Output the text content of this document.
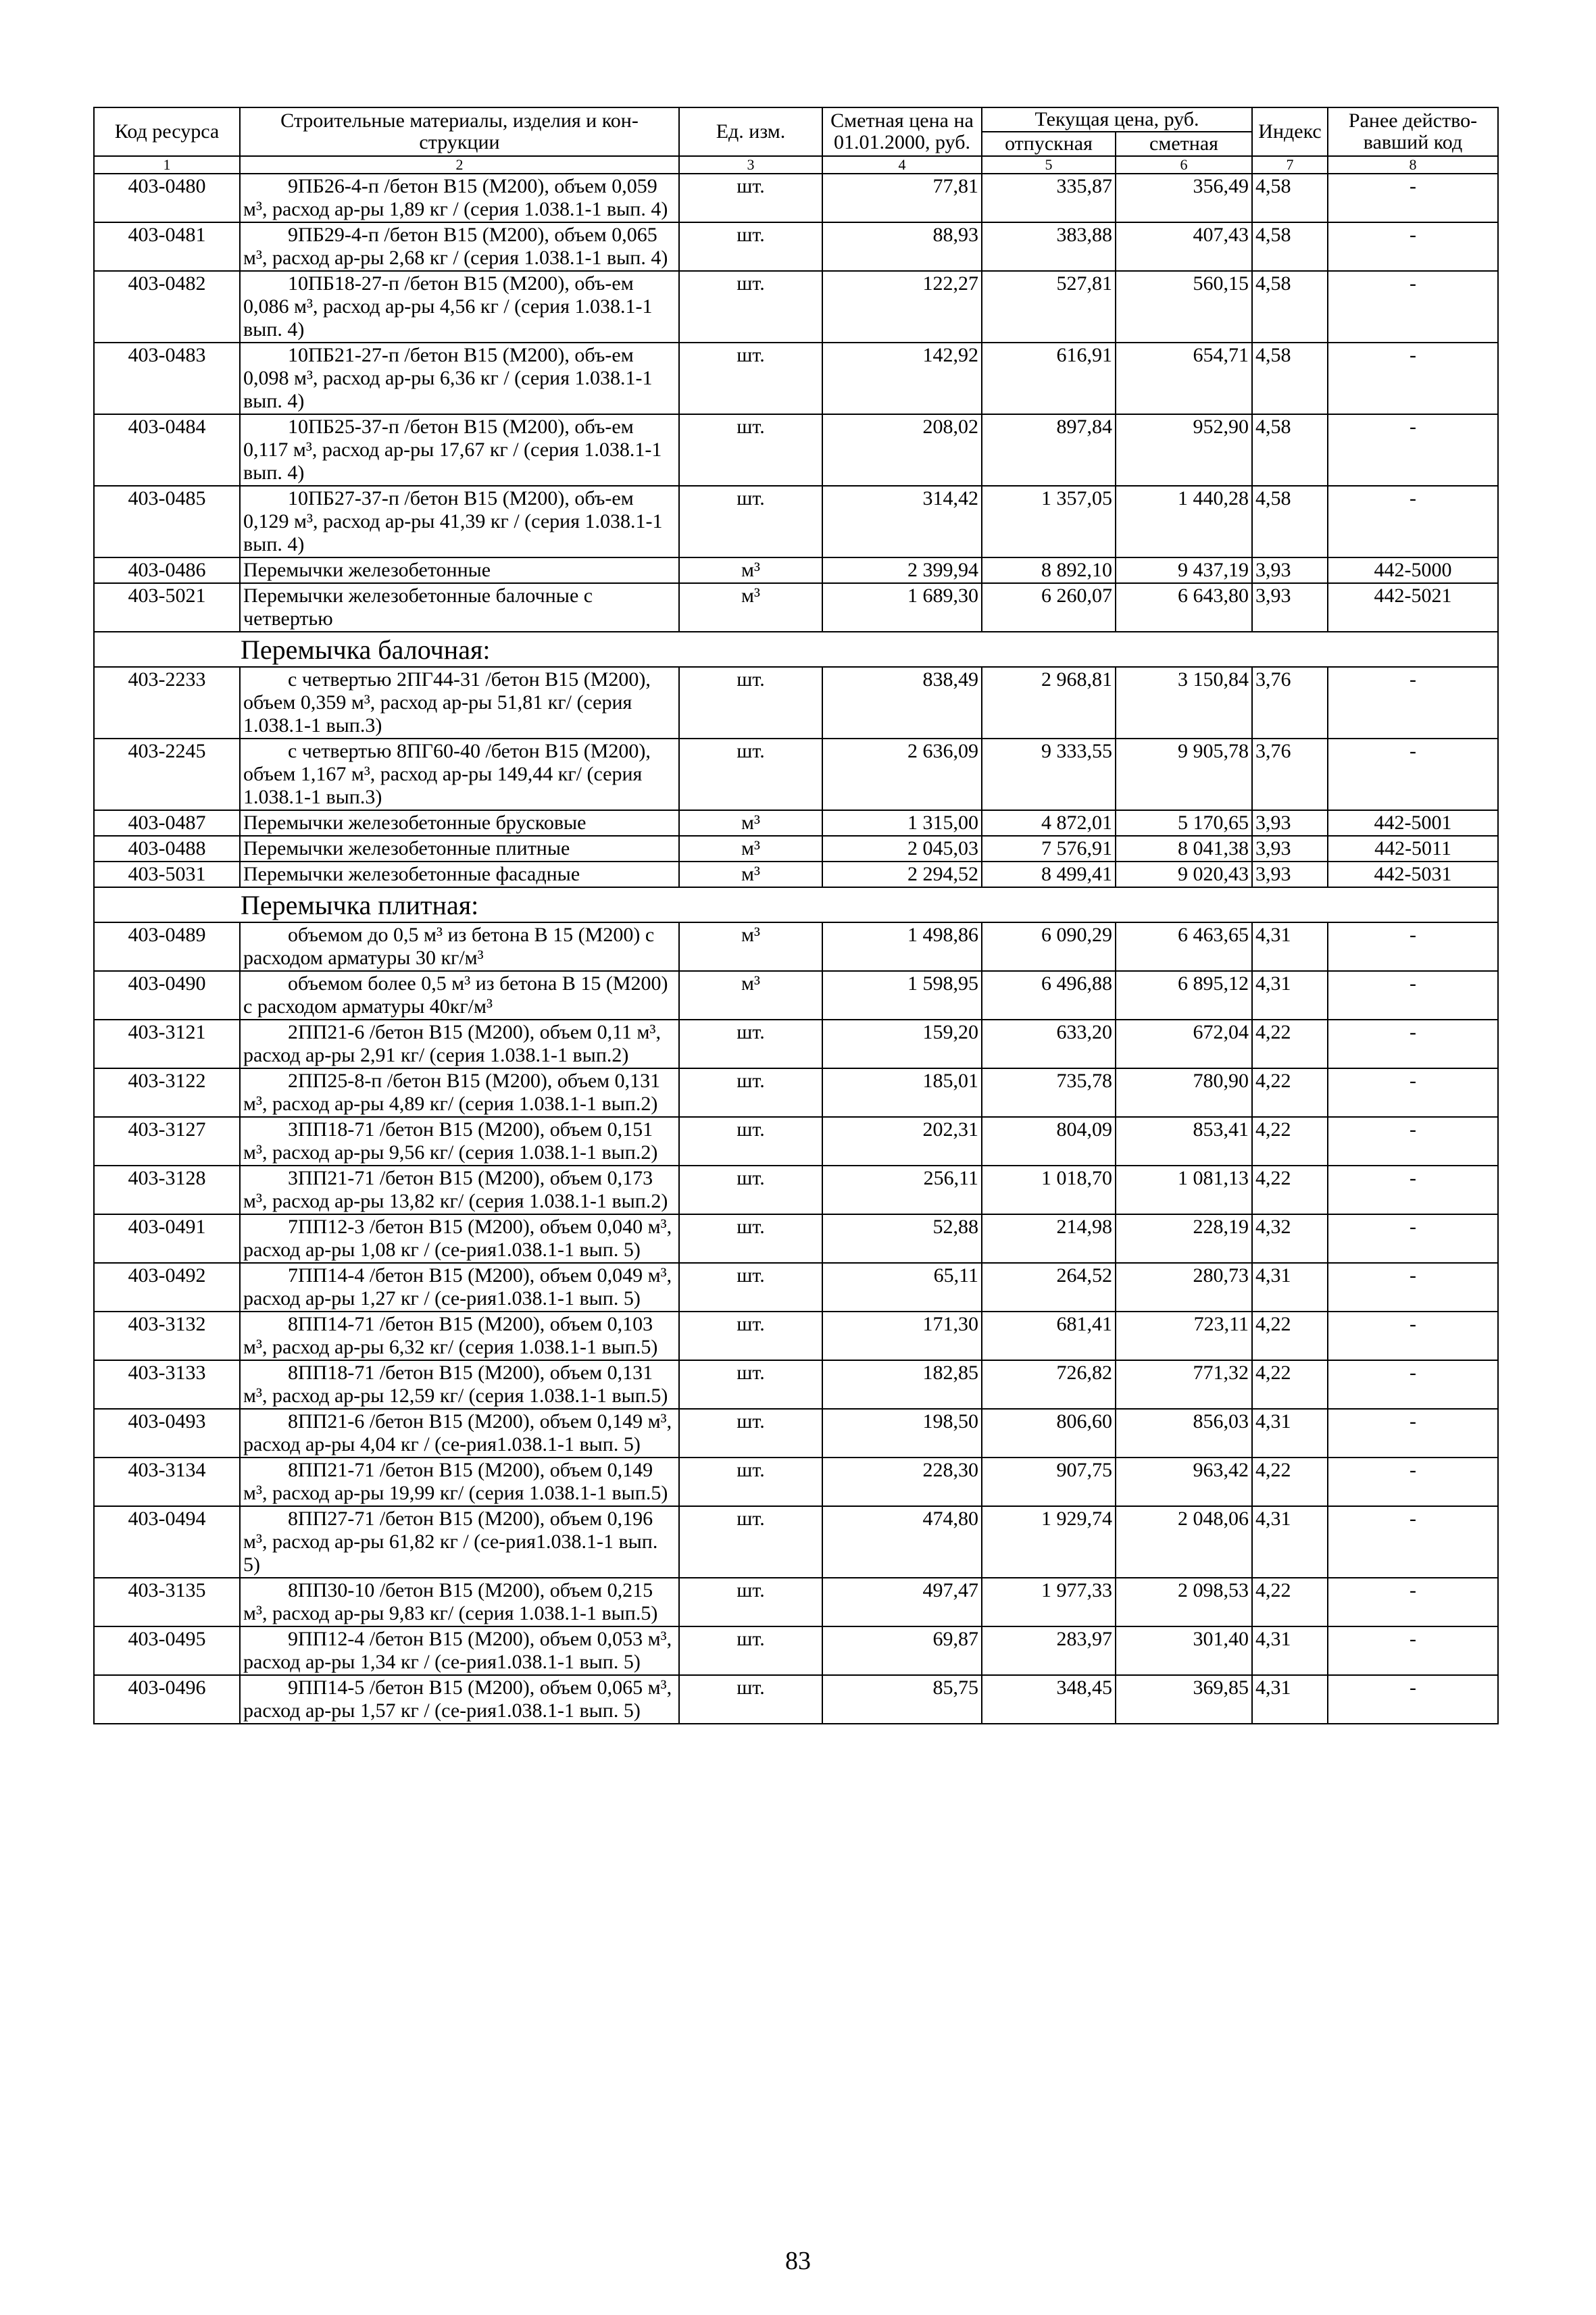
Код ресурса	Строительные материалы, изделия и кон-струкции	Ед. изм.	Сметная цена на 01.01.2000, руб.	Текущая цена, руб.		Индекс	Ранее действо-вавший код
				отпускная	сметная		
1	2	3	4	5	6	7	8
403-0480	9ПБ26-4-п /бетон В15 (М200), объем 0,059 м³, расход ар-ры 1,89 кг / (серия 1.038.1-1 вып. 4)	шт.	77,81	335,87	356,49	4,58	-
403-0481	9ПБ29-4-п /бетон В15 (М200), объем 0,065 м³, расход ар-ры 2,68 кг / (серия 1.038.1-1 вып. 4)	шт.	88,93	383,88	407,43	4,58	-
403-0482	10ПБ18-27-п /бетон В15 (М200), объ-ем 0,086 м³, расход ар-ры 4,56 кг / (серия 1.038.1-1 вып. 4)	шт.	122,27	527,81	560,15	4,58	-
403-0483	10ПБ21-27-п /бетон В15 (М200), объ-ем 0,098 м³, расход ар-ры 6,36 кг / (серия 1.038.1-1 вып. 4)	шт.	142,92	616,91	654,71	4,58	-
403-0484	10ПБ25-37-п /бетон В15 (М200), объ-ем 0,117 м³, расход ар-ры 17,67 кг / (серия 1.038.1-1 вып. 4)	шт.	208,02	897,84	952,90	4,58	-
403-0485	10ПБ27-37-п /бетон В15 (М200), объ-ем 0,129 м³, расход ар-ры 41,39 кг / (серия 1.038.1-1 вып. 4)	шт.	314,42	1 357,05	1 440,28	4,58	-
403-0486	Перемычки железобетонные	м³	2 399,94	8 892,10	9 437,19	3,93	442-5000
403-5021	Перемычки железобетонные балочные с четвертью	м³	1 689,30	6 260,07	6 643,80	3,93	442-5021
Перемычка балочная:							
403-2233	с четвертью 2ПГ44-31 /бетон В15 (М200), объем 0,359 м³, расход ар-ры 51,81 кг/ (серия 1.038.1-1 вып.3)	шт.	838,49	2 968,81	3 150,84	3,76	-
403-2245	с четвертью 8ПГ60-40 /бетон В15 (М200), объем 1,167 м³, расход ар-ры 149,44 кг/ (серия 1.038.1-1 вып.3)	шт.	2 636,09	9 333,55	9 905,78	3,76	-
403-0487	Перемычки железобетонные брусковые	м³	1 315,00	4 872,01	5 170,65	3,93	442-5001
403-0488	Перемычки железобетонные плитные	м³	2 045,03	7 576,91	8 041,38	3,93	442-5011
403-5031	Перемычки железобетонные фасадные	м³	2 294,52	8 499,41	9 020,43	3,93	442-5031
Перемычка плитная:							
403-0489	объемом до 0,5 м³ из бетона В 15 (М200) с расходом арматуры 30 кг/м³	м³	1 498,86	6 090,29	6 463,65	4,31	-
403-0490	объемом более 0,5 м³ из бетона В 15 (М200) с расходом арматуры 40кг/м³	м³	1 598,95	6 496,88	6 895,12	4,31	-
403-3121	2ПП21-6 /бетон В15 (М200), объем 0,11 м³, расход ар-ры 2,91 кг/ (серия 1.038.1-1 вып.2)	шт.	159,20	633,20	672,04	4,22	-
403-3122	2ПП25-8-п /бетон В15 (М200), объем 0,131 м³, расход ар-ры 4,89 кг/ (серия 1.038.1-1 вып.2)	шт.	185,01	735,78	780,90	4,22	-
403-3127	3ПП18-71 /бетон В15 (М200), объем 0,151 м³, расход ар-ры 9,56 кг/ (серия 1.038.1-1 вып.2)	шт.	202,31	804,09	853,41	4,22	-
403-3128	3ПП21-71 /бетон В15 (М200), объем 0,173 м³, расход ар-ры 13,82 кг/ (серия 1.038.1-1 вып.2)	шт.	256,11	1 018,70	1 081,13	4,22	-
403-0491	7ПП12-3 /бетон В15 (М200), объем 0,040 м³, расход ар-ры 1,08 кг / (се-рия1.038.1-1 вып. 5)	шт.	52,88	214,98	228,19	4,32	-
403-0492	7ПП14-4 /бетон В15 (М200), объем 0,049 м³, расход ар-ры 1,27 кг / (се-рия1.038.1-1 вып. 5)	шт.	65,11	264,52	280,73	4,31	-
403-3132	8ПП14-71 /бетон В15 (М200), объем 0,103 м³, расход ар-ры 6,32 кг/ (серия 1.038.1-1 вып.5)	шт.	171,30	681,41	723,11	4,22	-
403-3133	8ПП18-71 /бетон В15 (М200), объем 0,131 м³, расход ар-ры 12,59 кг/ (серия 1.038.1-1 вып.5)	шт.	182,85	726,82	771,32	4,22	-
403-0493	8ПП21-6 /бетон В15 (М200), объем 0,149 м³, расход ар-ры 4,04 кг / (се-рия1.038.1-1 вып. 5)	шт.	198,50	806,60	856,03	4,31	-
403-3134	8ПП21-71 /бетон В15 (М200), объем 0,149 м³, расход ар-ры 19,99 кг/ (серия 1.038.1-1 вып.5)	шт.	228,30	907,75	963,42	4,22	-
403-0494	8ПП27-71 /бетон В15 (М200), объем 0,196 м³, расход ар-ры 61,82 кг / (се-рия1.038.1-1 вып. 5)	шт.	474,80	1 929,74	2 048,06	4,31	-
403-3135	8ПП30-10 /бетон В15 (М200), объем 0,215 м³, расход ар-ры 9,83 кг/ (серия 1.038.1-1 вып.5)	шт.	497,47	1 977,33	2 098,53	4,22	-
403-0495	9ПП12-4 /бетон В15 (М200), объем 0,053 м³, расход ар-ры 1,34 кг / (се-рия1.038.1-1 вып. 5)	шт.	69,87	283,97	301,40	4,31	-
403-0496	9ПП14-5 /бетон В15 (М200), объем 0,065 м³, расход ар-ры 1,57 кг / (се-рия1.038.1-1 вып. 5)	шт.	85,75	348,45	369,85	4,31	-
83
